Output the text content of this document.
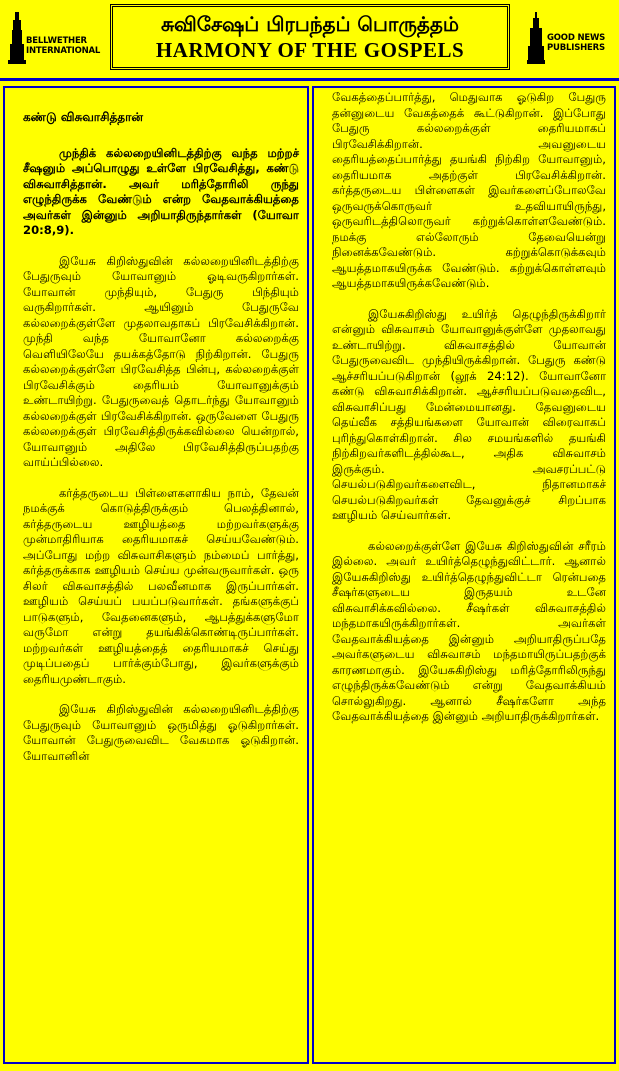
BELLWETHER
INTERNATIONAL
சுவிசேஷப் பிரபந்தப் பொருத்தம்
HARMONY OF THE GOSPELS	GOOD NEWS
PUBLISHERS

கண்டு விசுவாசித்தான்

முந்திக் கல்லறையினிடத்திற்கு வந்த மற்றச் சீஷனும் அப்பொழுது உள்ளே பிரவேசித்து, கண்டு விசுவாசித்தான். அவர் மரித்தோரிலி ருந்து எழுந்திருக்க வேண்டும் என்ற வேதவாக்கியத்தை அவர்கள் இன்னும் அறியாதிருந்தார்கள் (யோவா 20:8,9).

இயேசு கிறிஸ்துவின் கல்லறையினிடத்திற்கு பேதுருவும் யோவானும் ஓடிவருகிறார்கள். யோவான் முந்தியும், பேதுரு பிந்தியும் வருகிறார்கள். ஆயினும் பேதுருவே கல்லறைக்குள்ளே முதலாவதாகப் பிரவேசிக்கிறான். முந்தி வந்த யோவானோ கல்லறைக்கு வெளியிலேயே தயக்கத்தோடு நிற்கிறான். பேதுரு கல்லறைக்குள்ளே பிரவேசித்த பின்பு, கல்லறைக்குள் பிரவேசிக்கும் தைரியம் யோவானுக்கும் உண்டாயிற்று. பேதுருவைத் தொடர்ந்து யோவானும் கல்லறைக்குள் பிரவேசிக்கிறான். ஒருவேளை பேதுரு கல்லறைக்குள் பிரவேசித்திருக்கவில்லை யென்றால், யோவானும் அதிலே பிரவேசித்திருப்பதற்கு வாய்ப்பில்லை.

கர்த்தருடைய பிள்ளைகளாகிய நாம், தேவன் நமக்குக் கொடுத்திருக்கும் பெலத்தினால், கர்த்தருடைய ஊழியத்தை மற்றவர்களுக்கு முன்மாதிரியாக தைரியமாகச் செய்யவேண்டும். அப்போது மற்ற விசுவாசிகளும் நம்மைப் பார்த்து, கர்த்தருக்காக ஊழியம் செய்ய முன்வருவார்கள். ஒரு சிலர் விசுவாசத்தில் பலவீனமாக இருப்பார்கள். ஊழியம் செய்யப் பயப்படுவார்கள். தங்களுக்குப் பாடுகளும், வேதனைகளும், ஆபத்துக்களுமோ வருமோ என்று தயங்கிக்கொண்டிருப்பார்கள். மற்றவர்கள் ஊழியத்தைத் தைரியமாகச் செய்து முடிப்பதைப் பார்க்கும்போது, இவர்களுக்கும் தைரியமுண்டாகும்.

இயேசு கிறிஸ்துவின் கல்லறையினிடத்திற்கு பேதுருவும் யோவானும் ஒருமித்து ஓடுகிறார்கள். யோவான் பேதுருவைவிட வேகமாக ஓடுகிறான். யோவானின்

வேகத்தைப்பார்த்து, மெதுவாக ஓடுகிற பேதுரு தன்னுடைய வேகத்தைக் கூட்டுகிறான். இப்போது பேதுரு கல்லறைக்குள் தைரியமாகப் பிரவேசிக்கிறான். அவனுடைய தைரியத்தைப்பார்த்து தயங்கி நிற்கிற யோவானும், தைரியமாக அதற்குள் பிரவேசிக்கிறான். கர்த்தருடைய பிள்ளைகள் இவர்களைப்போலவே ஒருவருக்கொருவர் உதவியாயிருந்து, ஒருவரிடத்திலொருவர் கற்றுக்கொள்ளவேண்டும். நமக்கு எல்லோரும் தேவையென்று நினைக்கவேண்டும். கற்றுக்கொடுக்கவும் ஆயத்தமாகயிருக்க வேண்டும். கற்றுக்கொள்ளவும் ஆயத்தமாகயிருக்கவேண்டும்.

இயேசுகிறிஸ்து உயிர்த் தெழுந்திருக்கிறார் என்னும் விசுவாசம் யோவானுக்குள்ளே முதலாவது உண்டாயிற்று. விசுவாசத்தில் யோவான் பேதுருவைவிட முந்தியிருக்கிறான். பேதுரு கண்டு ஆச்சரியப்படுகிறான் (லூக் 24:12). யோவானோ கண்டு விசுவாசிக்கிறான். ஆச்சரியப்படுவதைவிட, விசுவாசிப்பது மேன்மையானது. தேவனுடைய தெய்வீக சத்தியங்களை யோவான் விரைவாகப் புரிந்துகொள்கிறான். சில சமயங்களில் தயங்கி நிற்கிறவர்களிடத்தில்கூட, அதிக விசுவாசம் இருக்கும். அவசரப்பட்டு செயல்படுகிறவர்களைவிட, நிதானமாகச் செயல்படுகிறவர்கள் தேவனுக்குச் சிறப்பாக ஊழியம் செய்வார்கள்.

கல்லறைக்குள்ளே இயேசு கிறிஸ்துவின் சரீரம் இல்லை. அவர் உயிர்த்தெழுந்துவிட்டார். ஆனால் இயேசுகிறிஸ்து உயிர்த்தெழுந்துவிட்டா ரென்பதை சீஷர்களுடைய இருதயம் உடனே விசுவாசிக்கவில்லை. சீஷர்கள் விசுவாசத்தில் மந்தமாகயிருக்கிறார்கள். அவர்கள் வேதவாக்கியத்தை இன்னும் அறியாதிருப்பதே அவர்களுடைய விசுவாசம் மந்தமாயிருப்பதற்குக் காரணமாகும். இயேசுகிறிஸ்து மரித்தோரிலிருந்து எழுந்திருக்கவேண்டும் என்று வேதவாக்கியம் சொல்லுகிறது. ஆனால் சீஷர்களோ அந்த வேதவாக்கியத்தை இன்னும் அறியாதிருக்கிறார்கள்.
